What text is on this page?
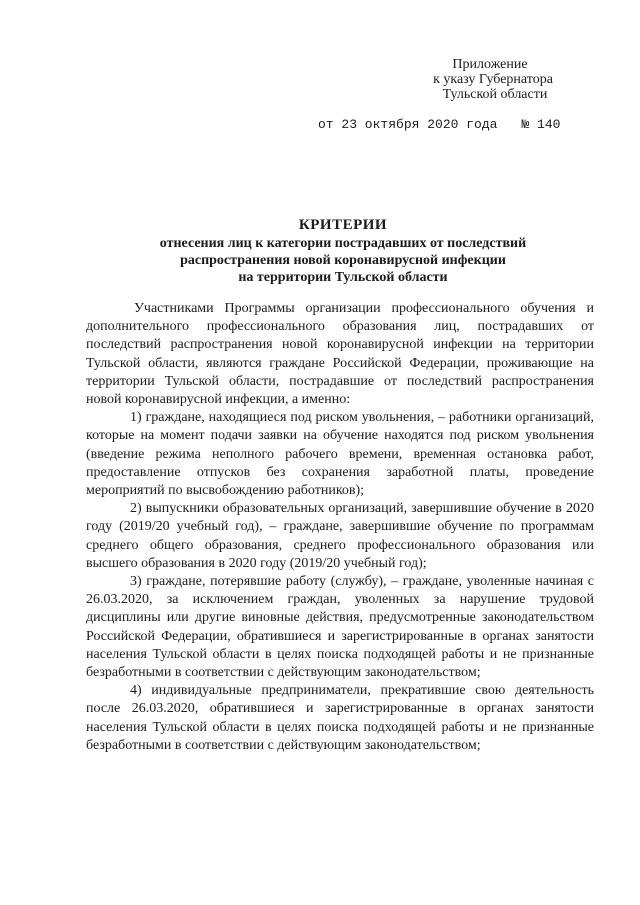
Приложение
к указу Губернатора
Тульской области
от 23 октября 2020 года № 140
КРИТЕРИИ
отнесения лиц к категории пострадавших от последствий
распространения новой коронавирусной инфекции
на территории Тульской области

Участниками Программы организации профессионального обучения и дополнительного профессионального образования лиц, пострадавших от последствий распространения новой коронавирусной инфекции на территории Тульской области, являются граждане Российской Федерации, проживающие на территории Тульской области, пострадавшие от последствий распространения новой коронавирусной инфекции, а именно:

1) граждане, находящиеся под риском увольнения, – работники организаций, которые на момент подачи заявки на обучение находятся под риском увольнения (введение режима неполного рабочего времени, временная остановка работ, предоставление отпусков без сохранения заработной платы, проведение мероприятий по высвобождению работников);

2) выпускники образовательных организаций, завершившие обучение в 2020 году (2019/20 учебный год), – граждане, завершившие обучение по программам среднего общего образования, среднего профессионального образования или высшего образования в 2020 году (2019/20 учебный год);

3) граждане, потерявшие работу (службу), – граждане, уволенные начиная с 26.03.2020, за исключением граждан, уволенных за нарушение трудовой дисциплины или другие виновные действия, предусмотренные законодательством Российской Федерации, обратившиеся и зарегистрированные в органах занятости населения Тульской области в целях поиска подходящей работы и не признанные безработными в соответствии с действующим законодательством;

4) индивидуальные предприниматели, прекратившие свою деятельность после 26.03.2020, обратившиеся и зарегистрированные в органах занятости населения Тульской области в целях поиска подходящей работы и не признанные безработными в соответствии с действующим законодательством;
